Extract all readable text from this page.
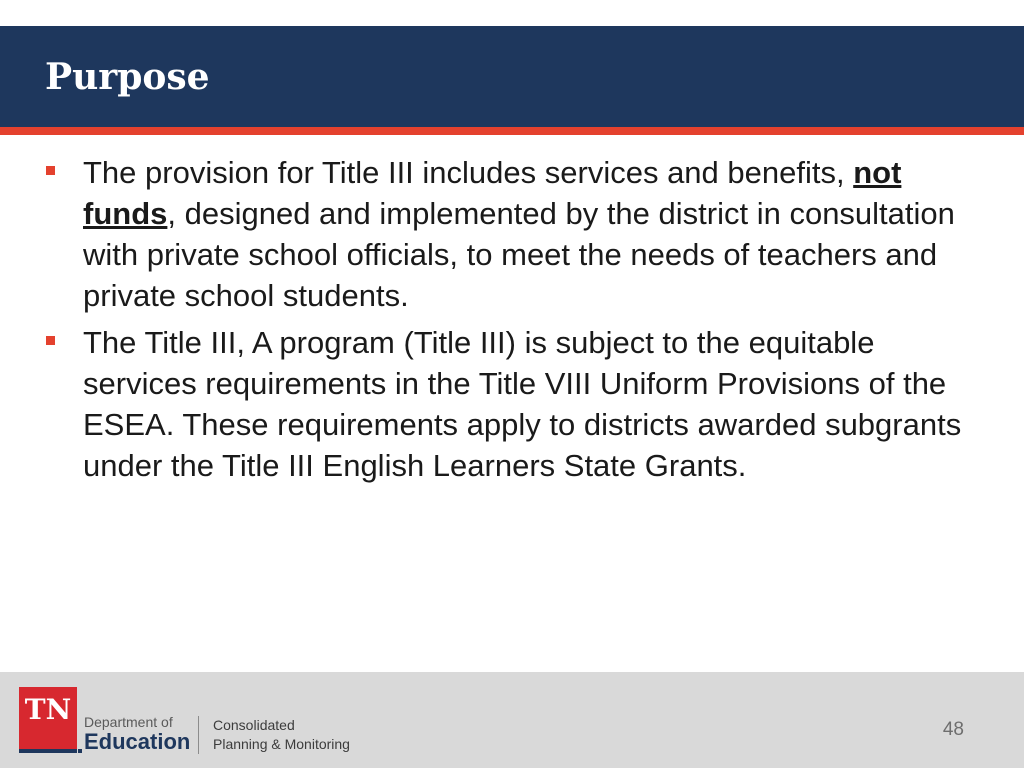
Purpose
The provision for Title III includes services and benefits, not funds, designed and implemented by the district in consultation with private school officials, to meet the needs of teachers and private school students.
The Title III, A program (Title III) is subject to the equitable services requirements in the Title VIII Uniform Provisions of the ESEA. These requirements apply to districts awarded subgrants under the Title III English Learners State Grants.
TN Department of
Education
Consolidated
Planning & Monitoring
48
